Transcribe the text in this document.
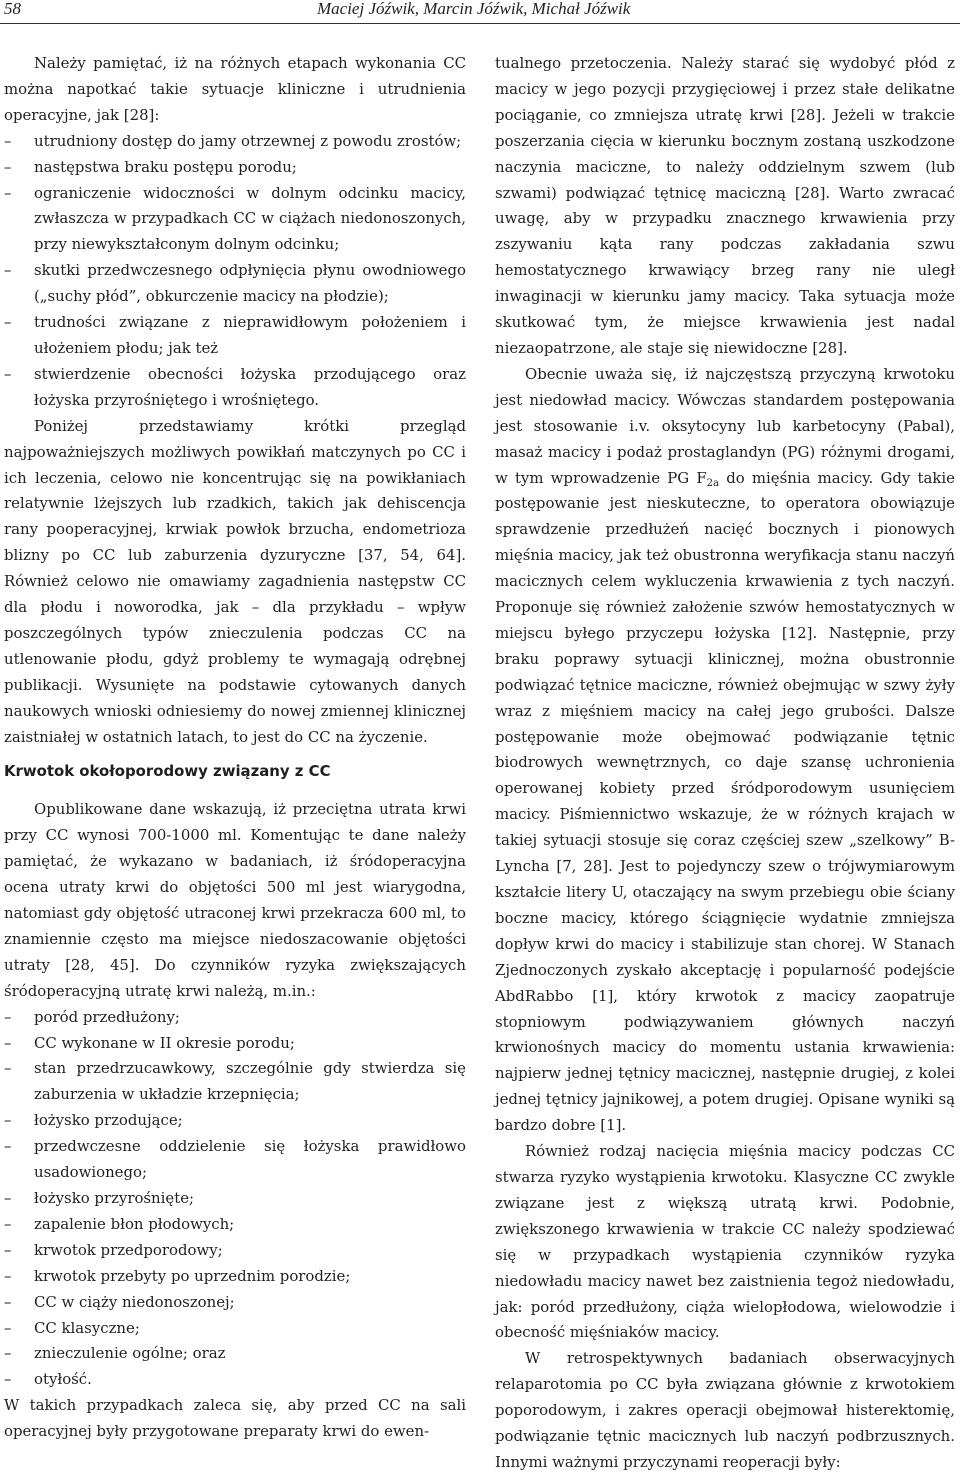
58	Maciej Jóźwik, Marcin Jóźwik, Michał Jóźwik

Należy pamiętać, iż na różnych etapach wykonania CC można napotkać takie sytuacje kliniczne i utrudnienia operacyjne, jak [28]:

– utrudniony dostęp do jamy otrzewnej z powodu zrostów;
– następstwa braku postępu porodu;
– ograniczenie widoczności w dolnym odcinku macicy, zwłaszcza w przypadkach CC w ciążach niedonoszonych, przy niewykształconym dolnym odcinku;
– skutki przedwczesnego odpłynięcia płynu owodniowego („suchy płód”, obkurczenie macicy na płodzie);
– trudności związane z nieprawidłowym położeniem i ułożeniem płodu; jak też
– stwierdzenie obecności łożyska przodującego oraz łożyska przyrośniętego i wrośniętego.

Poniżej przedstawiamy krótki przegląd najpoważniejszych możliwych powikłań matczynych po CC i ich leczenia, celowo nie koncentrując się na powikłaniach relatywnie lżejszych lub rzadkich, takich jak dehiscencja rany pooperacyjnej, krwiak powłok brzucha, endometrioza blizny po CC lub zaburzenia dyzuryczne [37, 54, 64]. Również celowo nie omawiamy zagadnienia następstw CC dla płodu i noworodka, jak – dla przykładu – wpływ poszczególnych typów znieczulenia podczas CC na utlenowanie płodu, gdyż problemy te wymagają odrębnej publikacji. Wysunięte na podstawie cytowanych danych naukowych wnioski odniesiemy do nowej zmiennej klinicznej zaistniałej w ostatnich latach, to jest do CC na życzenie.

Krwotok okołoporodowy związany z CC

Opublikowane dane wskazują, iż przeciętna utrata krwi przy CC wynosi 700-1000 ml. Komentując te dane należy pamiętać, że wykazano w badaniach, iż śródoperacyjna ocena utraty krwi do objętości 500 ml jest wiarygodna, natomiast gdy objętość utraconej krwi przekracza 600 ml, to znamiennie często ma miejsce niedoszacowanie objętości utraty [28, 45]. Do czynników ryzyka zwiększających śródoperacyjną utratę krwi należą, m.in.:

– poród przedłużony;
– CC wykonane w II okresie porodu;
– stan przedrzucawkowy, szczególnie gdy stwierdza się zaburzenia w układzie krzepnięcia;
– łożysko przodujące;
– przedwczesne oddzielenie się łożyska prawidłowo usadowionego;
– łożysko przyrośnięte;
– zapalenie błon płodowych;
– krwotok przedporodowy;
– krwotok przebyty po uprzednim porodzie;
– CC w ciąży niedonoszonej;
– CC klasyczne;
– znieczulenie ogólne; oraz
– otyłość.

W takich przypadkach zaleca się, aby przed CC na sali operacyjnej były przygotowane preparaty krwi do ewen-

tualnego przetoczenia. Należy starać się wydobyć płód z macicy w jego pozycji przygięciowej i przez stałe delikatne pociąganie, co zmniejsza utratę krwi [28]. Jeżeli w trakcie poszerzania cięcia w kierunku bocznym zostaną uszkodzone naczynia maciczne, to należy oddzielnym szwem (lub szwami) podwiązać tętnicę maciczną [28]. Warto zwracać uwagę, aby w przypadku znacznego krwawienia przy zszywaniu kąta rany podczas zakładania szwu hemostatycznego krwawiący brzeg rany nie uległ inwaginacji w kierunku jamy macicy. Taka sytuacja może skutkować tym, że miejsce krwawienia jest nadal niezaopatrzone, ale staje się niewidoczne [28].

Obecnie uważa się, iż najczęstszą przyczyną krwotoku jest niedowład macicy. Wówczas standardem postępowania jest stosowanie i.v. oksytocyny lub karbetocyny (Pabal), masaż macicy i podaż prostaglandyn (PG) różnymi drogami, w tym wprowadzenie PG $F_{2a}$ do mięśnia macicy. Gdy takie postępowanie jest nieskuteczne, to operatora obowiązuje sprawdzenie przedłużeń nacięć bocznych i pionowych mięśnia macicy, jak też obustronna weryfikacja stanu naczyń macicznych celem wykluczenia krwawienia z tych naczyń. Proponuje się również założenie szwów hemostatycznych w miejscu byłego przyczepu łożyska [12]. Następnie, przy braku poprawy sytuacji klinicznej, można obustronnie podwiązać tętnice maciczne, również obejmując w szwy żyły wraz z mięśniem macicy na całej jego grubości. Dalsze postępowanie może obejmować podwiązanie tętnic biodrowych wewnętrznych, co daje szansę uchronienia operowanej kobiety przed śródporodowym usunięciem macicy. Piśmiennictwo wskazuje, że w różnych krajach w takiej sytuacji stosuje się coraz częściej szew „szelkowy” B-Lyncha [7, 28]. Jest to pojedynczy szew o trójwymiarowym kształcie litery U, otaczający na swym przebiegu obie ściany boczne macicy, którego ściągnięcie wydatnie zmniejsza dopływ krwi do macicy i stabilizuje stan chorej. W Stanach Zjednoczonych zyskało akceptację i popularność podejście AbdRabbo [1], który krwotok z macicy zaopatruje stopniowym podwiązywaniem głównych naczyń krwionośnych macicy do momentu ustania krwawienia: najpierw jednej tętnicy macicznej, następnie drugiej, z kolei jednej tętnicy jajnikowej, a potem drugiej. Opisane wyniki są bardzo dobre [1].

Również rodzaj nacięcia mięśnia macicy podczas CC stwarza ryzyko wystąpienia krwotoku. Klasyczne CC zwykle związane jest z większą utratą krwi. Podobnie, zwiększonego krwawienia w trakcie CC należy spodziewać się w przypadkach wystąpienia czynników ryzyka niedowładu macicy nawet bez zaistnienia tegoż niedowładu, jak: poród przedłużony, ciąża wielopłodowa, wielowodzie i obecność mięśniaków macicy.

W retrospektywnych badaniach obserwacyjnych relaparotomia po CC była związana głównie z krwotokiem poporodowym, i zakres operacji obejmował histerektomię, podwiązanie tętnic macicznych lub naczyń podbrzusznych. Innymi ważnymi przyczynami reoperacji były:
